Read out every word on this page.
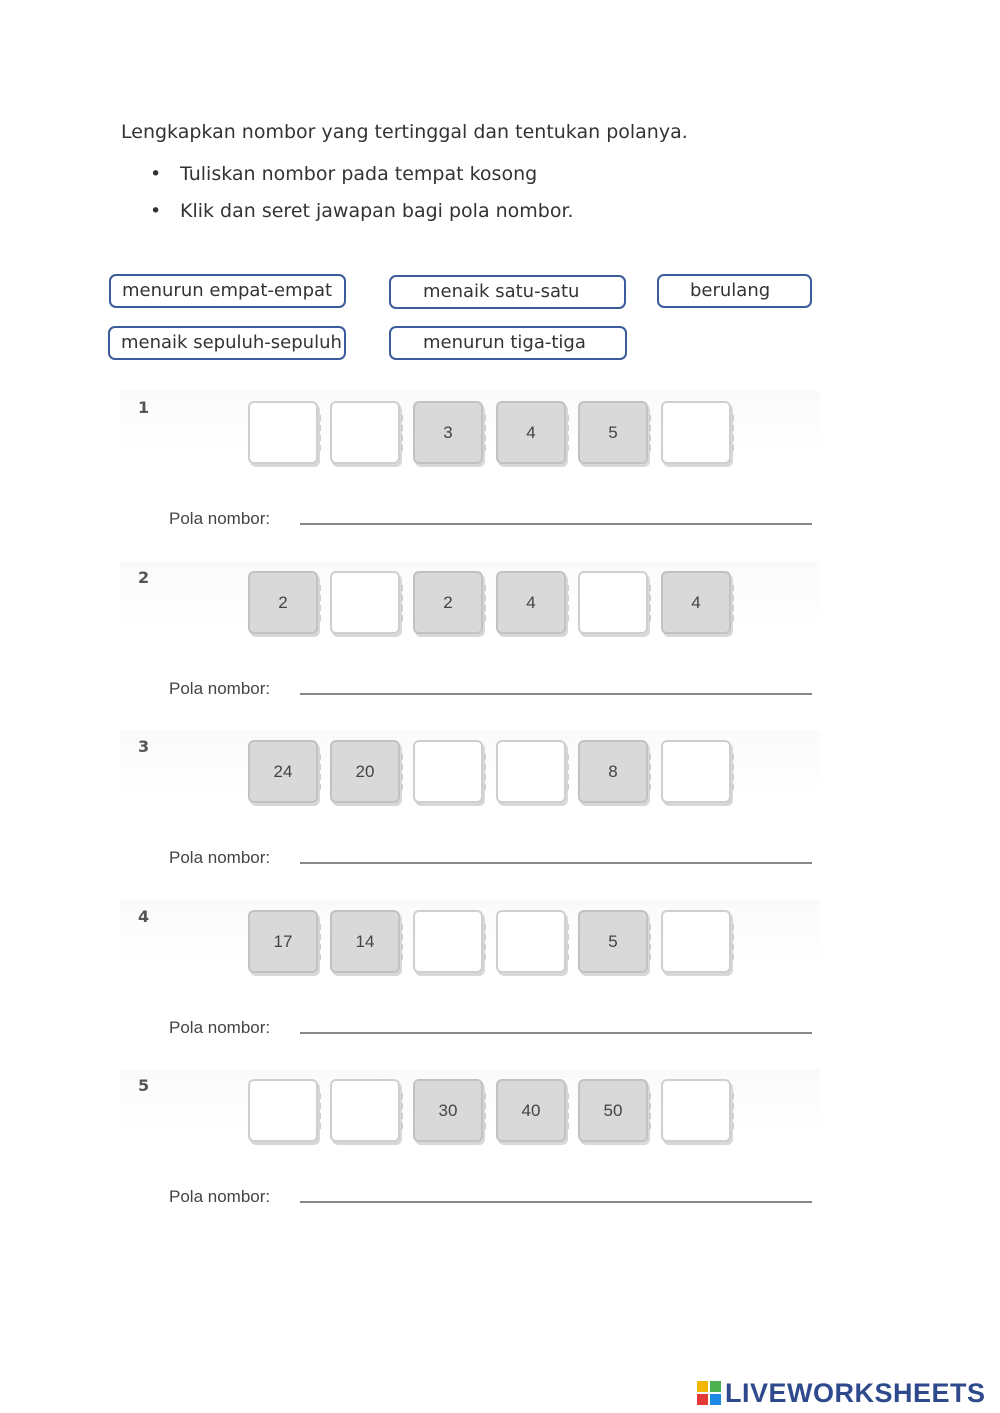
Lengkapkan nombor yang tertinggal dan tentukan polanya.
• Tuliskan nombor pada tempat kosong
• Klik dan seret jawapan bagi pola nombor.
menurun empat-empat	menaik satu-satu	berulang
menaik sepuluh-sepuluh	menurun tiga-tiga
1
3	4	5
Pola nombor:
2
2	2	4	4
Pola nombor:
3
24	20	8
Pola nombor:
4
17	14	5
Pola nombor:
5
30	40	50
Pola nombor:
LIVEWORKSHEETS
